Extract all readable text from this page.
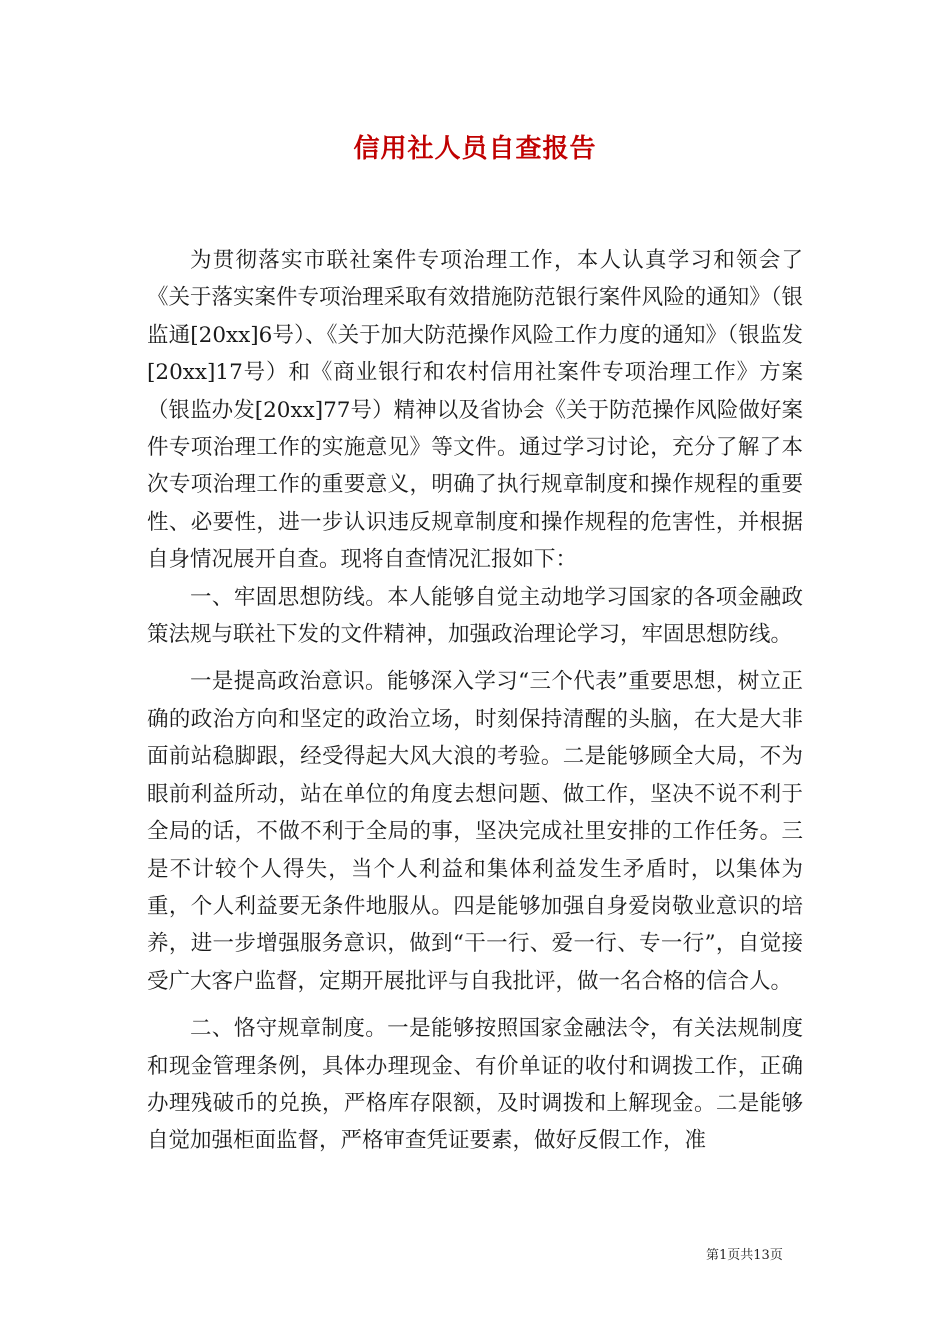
信用社人员自查报告

为贯彻落实市联社案件专项治理工作，本人认真学习和领会了《关于落实案件专项治理采取有效措施防范银行案件风险的通知》（银监通[20xx]6号）、《关于加大防范操作风险工作力度的通知》（银监发[20xx]17号）和《商业银行和农村信用社案件专项治理工作》方案（银监办发[20xx]77号）精神以及省协会《关于防范操作风险做好案件专项治理工作的实施意见》等文件。通过学习讨论，充分了解了本次专项治理工作的重要意义，明确了执行规章制度和操作规程的重要性、必要性，进一步认识违反规章制度和操作规程的危害性，并根据自身情况展开自查。现将自查情况汇报如下：

一、牢固思想防线。本人能够自觉主动地学习国家的各项金融政策法规与联社下发的文件精神，加强政治理论学习，牢固思想防线。

一是提高政治意识。能够深入学习“三个代表”重要思想，树立正确的政治方向和坚定的政治立场，时刻保持清醒的头脑，在大是大非面前站稳脚跟，经受得起大风大浪的考验。二是能够顾全大局，不为眼前利益所动，站在单位的角度去想问题、做工作，坚决不说不利于全局的话，不做不利于全局的事，坚决完成社里安排的工作任务。三是不计较个人得失，当个人利益和集体利益发生矛盾时，以集体为重，个人利益要无条件地服从。四是能够加强自身爱岗敬业意识的培养，进一步增强服务意识，做到“干一行、爱一行、专一行”，自觉接受广大客户监督，定期开展批评与自我批评，做一名合格的信合人。

二、恪守规章制度。一是能够按照国家金融法令，有关法规制度和现金管理条例，具体办理现金、有价单证的收付和调拨工作，正确办理残破币的兑换，严格库存限额，及时调拨和上解现金。二是能够自觉加强柜面监督，严格审查凭证要素，做好反假工作，准

第1页共13页
